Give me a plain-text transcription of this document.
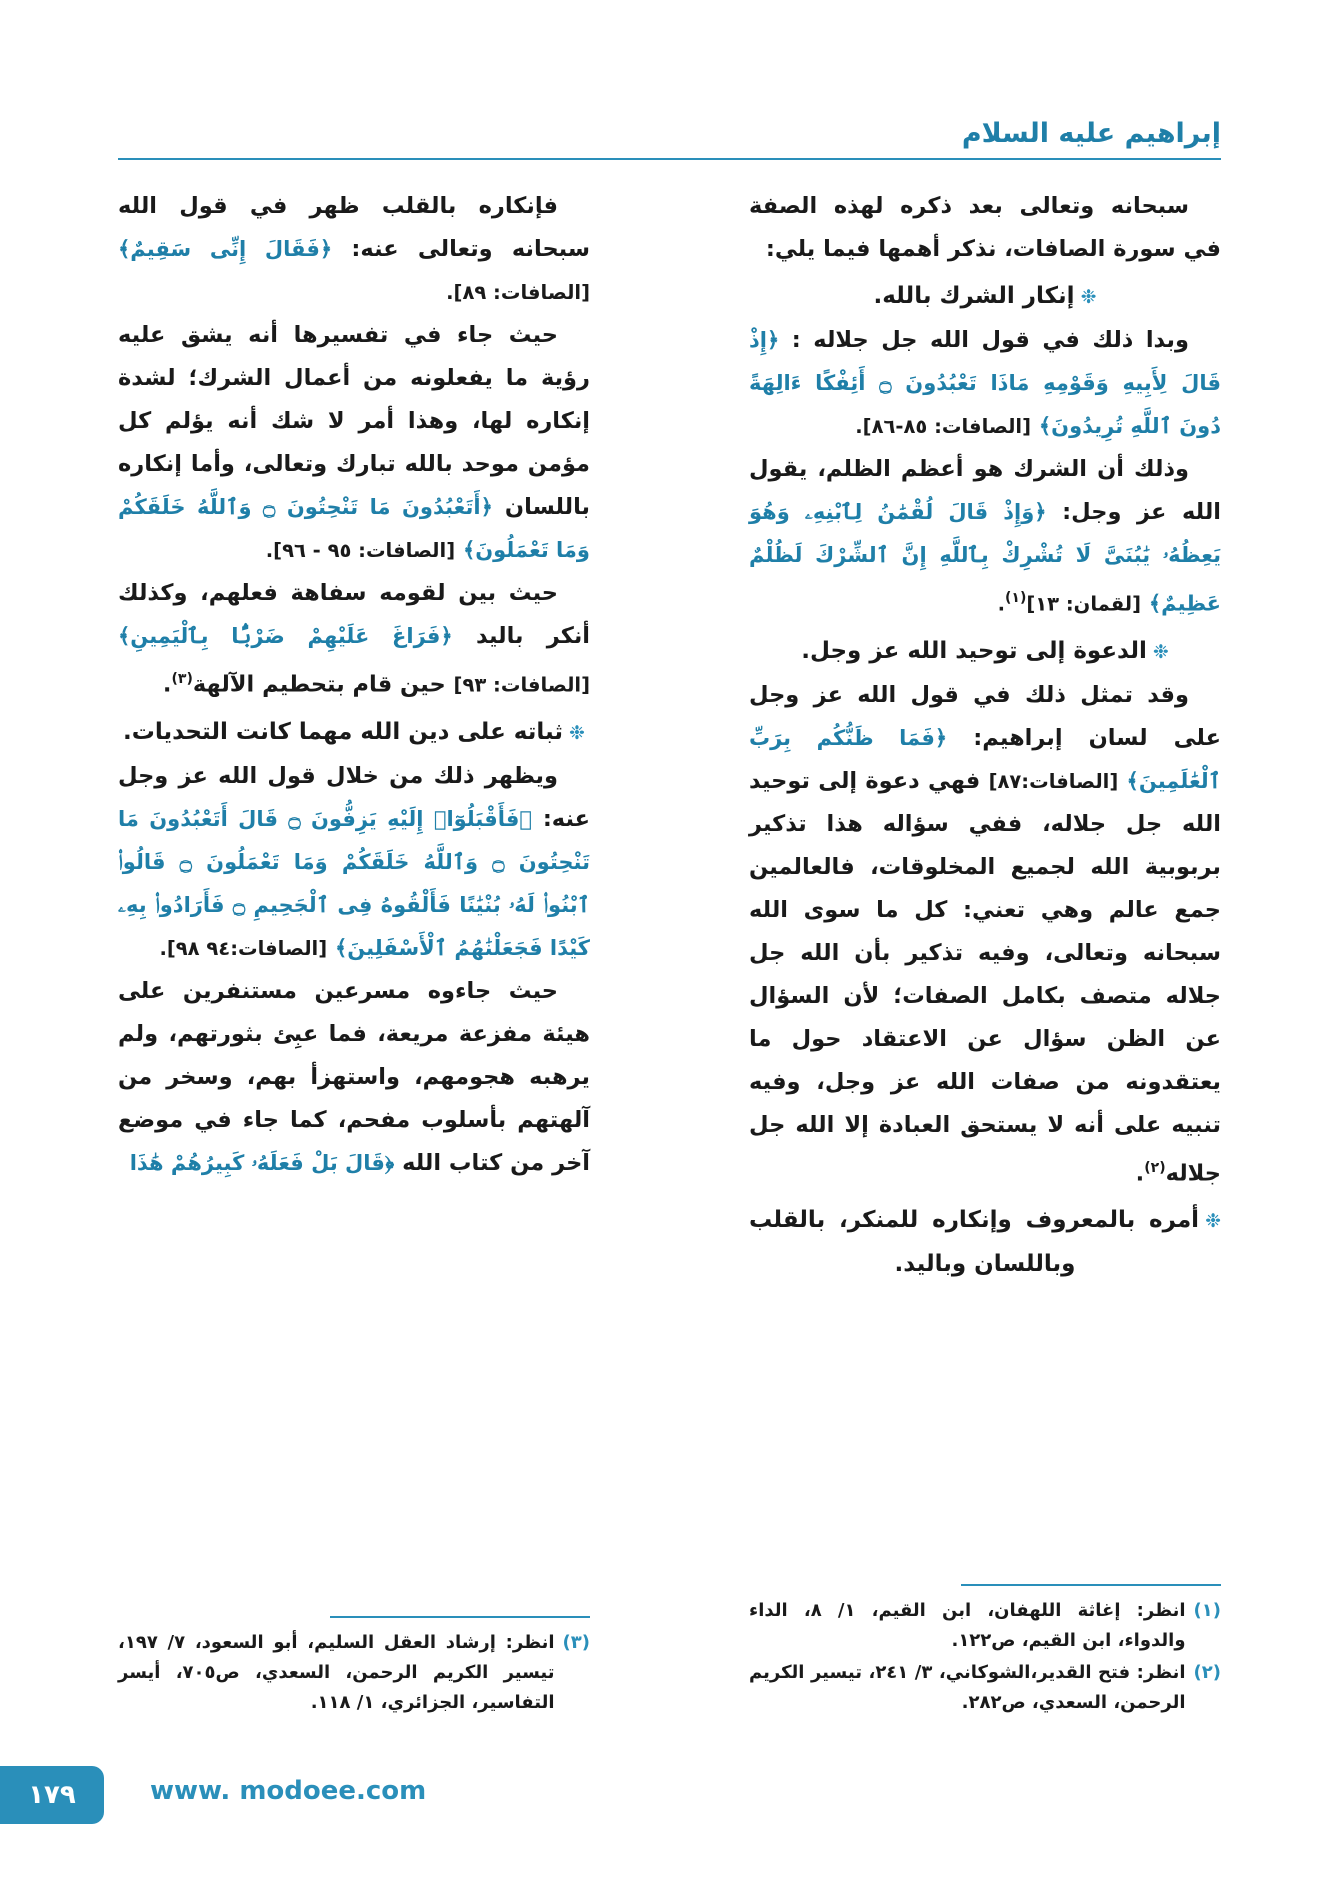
إبراهيم عليه السلام

سبحانه وتعالى بعد ذكره لهذه الصفة في سورة الصافات، نذكر أهمها فيما يلي:

❉إنكار الشرك بالله.

وبدا ذلك في قول الله جل جلاله : ﴿إِذْ قَالَ لِأَبِيهِ وَقَوْمِهِ مَاذَا تَعْبُدُونَ ۝ أَئِفْكًا ءَالِهَةً دُونَ ٱللَّهِ تُرِيدُونَ﴾ [الصافات: ٨٥-٨٦].

وذلك أن الشرك هو أعظم الظلم، يقول الله عز وجل: ﴿وَإِذْ قَالَ لُقْمَٰنُ لِٱبْنِهِۦ وَهُوَ يَعِظُهُۥ يَٰبُنَىَّ لَا تُشْرِكْ بِٱللَّهِ إِنَّ ٱلشِّرْكَ لَظُلْمٌ عَظِيمٌ﴾ [لقمان: ١٣]$^{(١)}$.

❉الدعوة إلى توحيد الله عز وجل.

وقد تمثل ذلك في قول الله عز وجل على لسان إبراهيم: ﴿فَمَا ظَنُّكُم بِرَبِّ ٱلْعَٰلَمِينَ﴾ [الصافات:٨٧] فهي دعوة إلى توحيد الله جل جلاله، ففي سؤاله هذا تذكير بربوبية الله لجميع المخلوقات، فالعالمين جمع عالم وهي تعني: كل ما سوى الله سبحانه وتعالى، وفيه تذكير بأن الله جل جلاله متصف بكامل الصفات؛ لأن السؤال عن الظن سؤال عن الاعتقاد حول ما يعتقدونه من صفات الله عز وجل، وفيه تنبيه على أنه لا يستحق العبادة إلا الله جل جلاله$^{(٢)}$.

❉أمره بالمعروف وإنكاره للمنكر، بالقلب وباللسان وباليد.

فإنكاره بالقلب ظهر في قول الله سبحانه وتعالى عنه: ﴿فَقَالَ إِنِّى سَقِيمٌ﴾ [الصافات: ٨٩].

حيث جاء في تفسيرها أنه يشق عليه رؤية ما يفعلونه من أعمال الشرك؛ لشدة إنكاره لها، وهذا أمر لا شك أنه يؤلم كل مؤمن موحد بالله تبارك وتعالى، وأما إنكاره باللسان ﴿أَتَعْبُدُونَ مَا تَنْحِتُونَ ۝ وَٱللَّهُ خَلَقَكُمْ وَمَا تَعْمَلُونَ﴾ [الصافات: ٩٥ - ٩٦].

حيث بين لقومه سفاهة فعلهم، وكذلك أنكر باليد ﴿فَرَاغَ عَلَيْهِمْ ضَرْبًۢا بِٱلْيَمِينِ﴾ [الصافات: ٩٣] حين قام بتحطيم الآلهة$^{(٣)}$.

❉ثباته على دين الله مهما كانت التحديات.

ويظهر ذلك من خلال قول الله عز وجل عنه: ﴿فَأَقْبَلُوٓا۟ إِلَيْهِ يَزِفُّونَ ۝ قَالَ أَتَعْبُدُونَ مَا تَنْحِتُونَ ۝ وَٱللَّهُ خَلَقَكُمْ وَمَا تَعْمَلُونَ ۝ قَالُوا۟ ٱبْنُوا۟ لَهُۥ بُنْيَٰنًا فَأَلْقُوهُ فِى ٱلْجَحِيمِ ۝ فَأَرَادُوا۟ بِهِۦ كَيْدًا فَجَعَلْنَٰهُمُ ٱلْأَسْفَلِينَ﴾ [الصافات:٩٤ ٩٨].

حيث جاءوه مسرعين مستنفرين على هيئة مفزعة مريعة، فما عبِئ بثورتهم، ولم يرهبه هجومهم، واستهزأ بهم، وسخر من آلهتهم بأسلوب مفحم، كما جاء في موضع آخر من كتاب الله ﴿قَالَ بَلْ فَعَلَهُۥ كَبِيرُهُمْ هَٰذَا

(١)
انظر: إغاثة اللهفان، ابن القيم، ١/ ٨، الداء والدواء، ابن القيم، ص١٢٢.
(٢)
انظر: فتح القدير،الشوكاني، ٣/ ٢٤١، تيسير الكريم الرحمن، السعدي، ص٢٨٢.
(٣)
انظر: إرشاد العقل السليم، أبو السعود، ٧/ ١٩٧، تيسير الكريم الرحمن، السعدي، ص٧٠٥، أيسر التفاسير، الجزائري، ١/ ١١٨.
١٧٩	www. modoee.com
